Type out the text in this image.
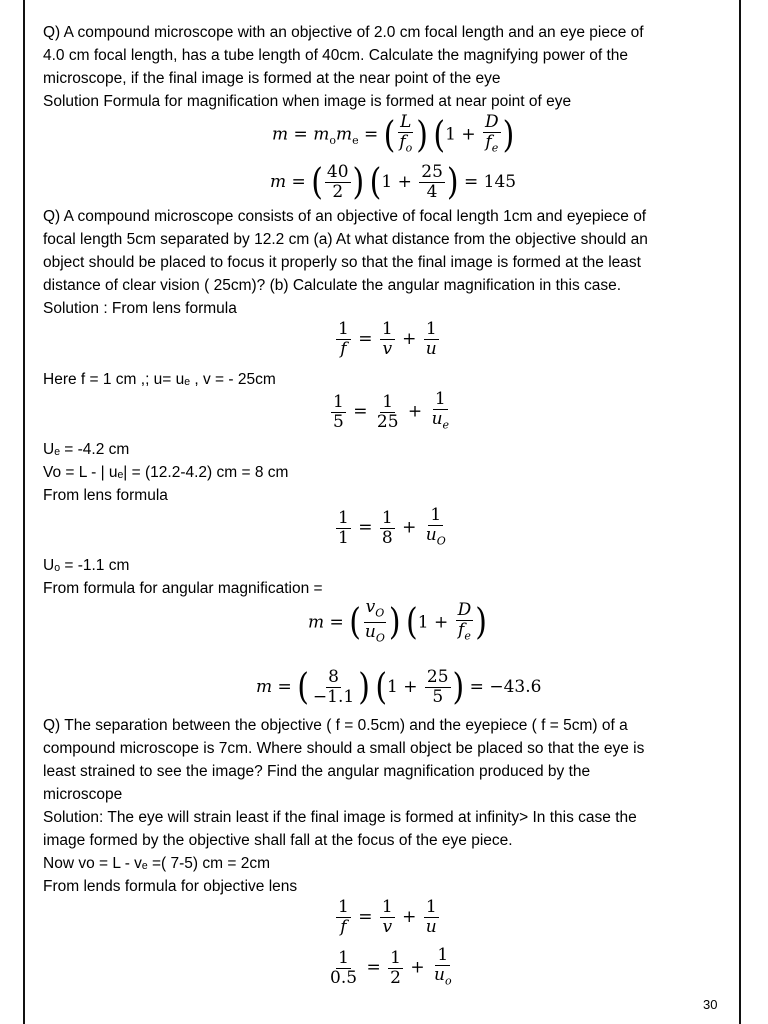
Q) A compound microscope with an objective of 2.0 cm focal length and an eye piece of
4.0 cm focal length, has a tube length of 40cm. Calculate the magnifying power of the
microscope, if the final image is formed at the near point of the eye
Solution Formula for magnification when image is formed at near point of eye
$m = m_om_e$ = ( $\frac{L}{f_o}$ ) ($1 + \frac{D}{f_e}$ )
m = ( $\frac{40}{2}$ ) ($1 + \frac{25}{4}$ ) = 145
Q) A compound microscope consists of an objective of focal length 1cm and eyepiece of
focal length 5cm separated by 12.2 cm (a) At what distance from the objective should an
object should be placed to focus it properly so that the final image is formed at the least
distance of clear vision ( 25cm)? (b) Calculate the angular magnification in this case.
Solution : From lens formula
$\frac{1}{f} = \frac{1}{v} + \frac{1}{u}$
Here f = 1 cm ,; u= uₑ , v = - 25cm
$\frac{1}{5} = \frac{1}{25} + \frac{1}{u_e}$
Uₑ = -4.2 cm
Vo = L - | uₑ| = (12.2-4.2) cm = 8 cm
From lens formula
$\frac{1}{1} = \frac{1}{8} + \frac{1}{u_O}$
Uₒ = -1.1 cm
From formula for angular magnification =
m = ( $\frac{v_O}{u_O}$ ) ($1 + \frac{D}{f_e}$ )
m = ( $\frac{8}{-1.1}$ ) ($1 + \frac{25}{5}$ ) = −43.6
Q) The separation between the objective ( f = 0.5cm) and the eyepiece ( f = 5cm) of a
compound microscope is 7cm. Where should a small object be placed so that the eye is
least strained to see the image? Find the angular magnification produced by the
microscope
Solution: The eye will strain least if the final image is formed at infinity> In this case the
image formed by the objective shall fall at the focus of the eye piece.
Now vo = L - vₑ =( 7-5) cm = 2cm
From lends formula for objective lens
$\frac{1}{f} = \frac{1}{v} + \frac{1}{u}$
$\frac{1}{0.5} = \frac{1}{2} + \frac{1}{u_o}$
30
